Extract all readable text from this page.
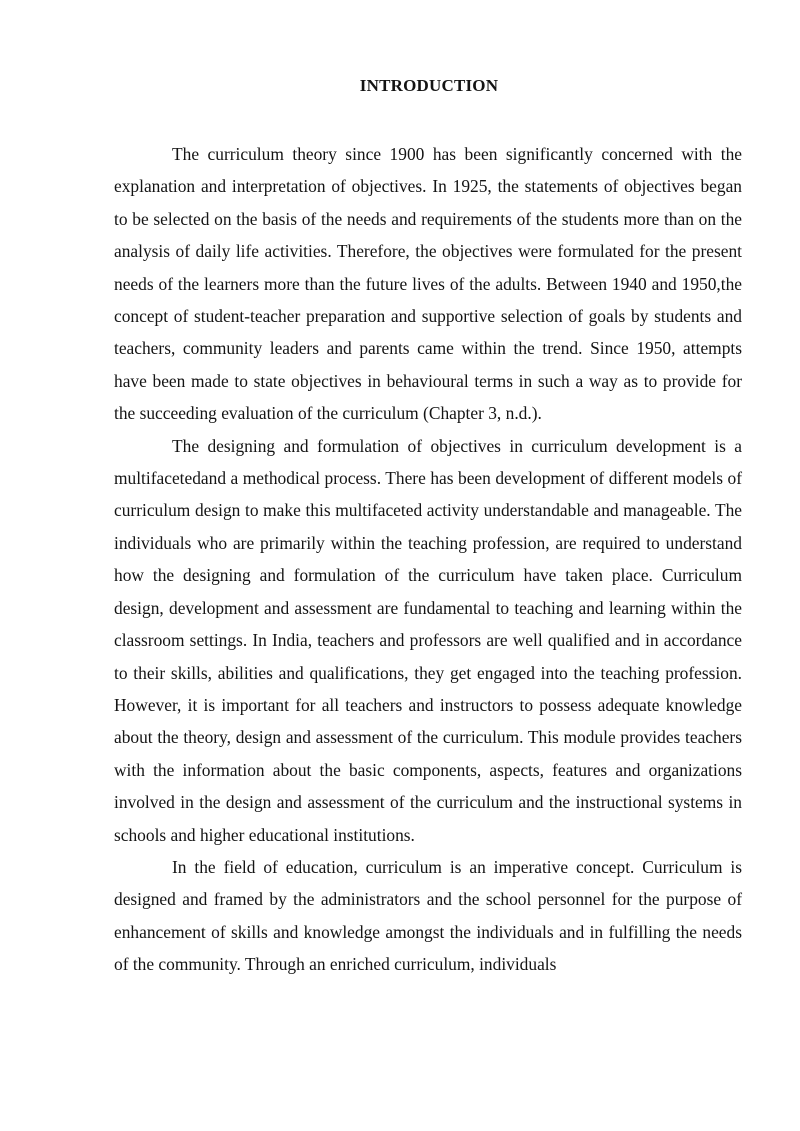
INTRODUCTION

The curriculum theory since 1900 has been significantly concerned with the explanation and interpretation of objectives. In 1925, the statements of objectives began to be selected on the basis of the needs and requirements of the students more than on the analysis of daily life activities. Therefore, the objectives were formulated for the present needs of the learners more than the future lives of the adults. Between 1940 and 1950,the concept of student-teacher preparation and supportive selection of goals by students and teachers, community leaders and parents came within the trend. Since 1950, attempts have been made to state objectives in behavioural terms in such a way as to provide for the succeeding evaluation of the curriculum (Chapter 3, n.d.).

The designing and formulation of objectives in curriculum development is a multifacetedand a methodical process. There has been development of different models of curriculum design to make this multifaceted activity understandable and manageable. The individuals who are primarily within the teaching profession, are required to understand how the designing and formulation of the curriculum have taken place. Curriculum design, development and assessment are fundamental to teaching and learning within the classroom settings. In India, teachers and professors are well qualified and in accordance to their skills, abilities and qualifications, they get engaged into the teaching profession. However, it is important for all teachers and instructors to possess adequate knowledge about the theory, design and assessment of the curriculum. This module provides teachers with the information about the basic components, aspects, features and organizations involved in the design and assessment of the curriculum and the instructional systems in schools and higher educational institutions.

In the field of education, curriculum is an imperative concept. Curriculum is designed and framed by the administrators and the school personnel for the purpose of enhancement of skills and knowledge amongst the individuals and in fulfilling the needs of the community. Through an enriched curriculum, individuals
